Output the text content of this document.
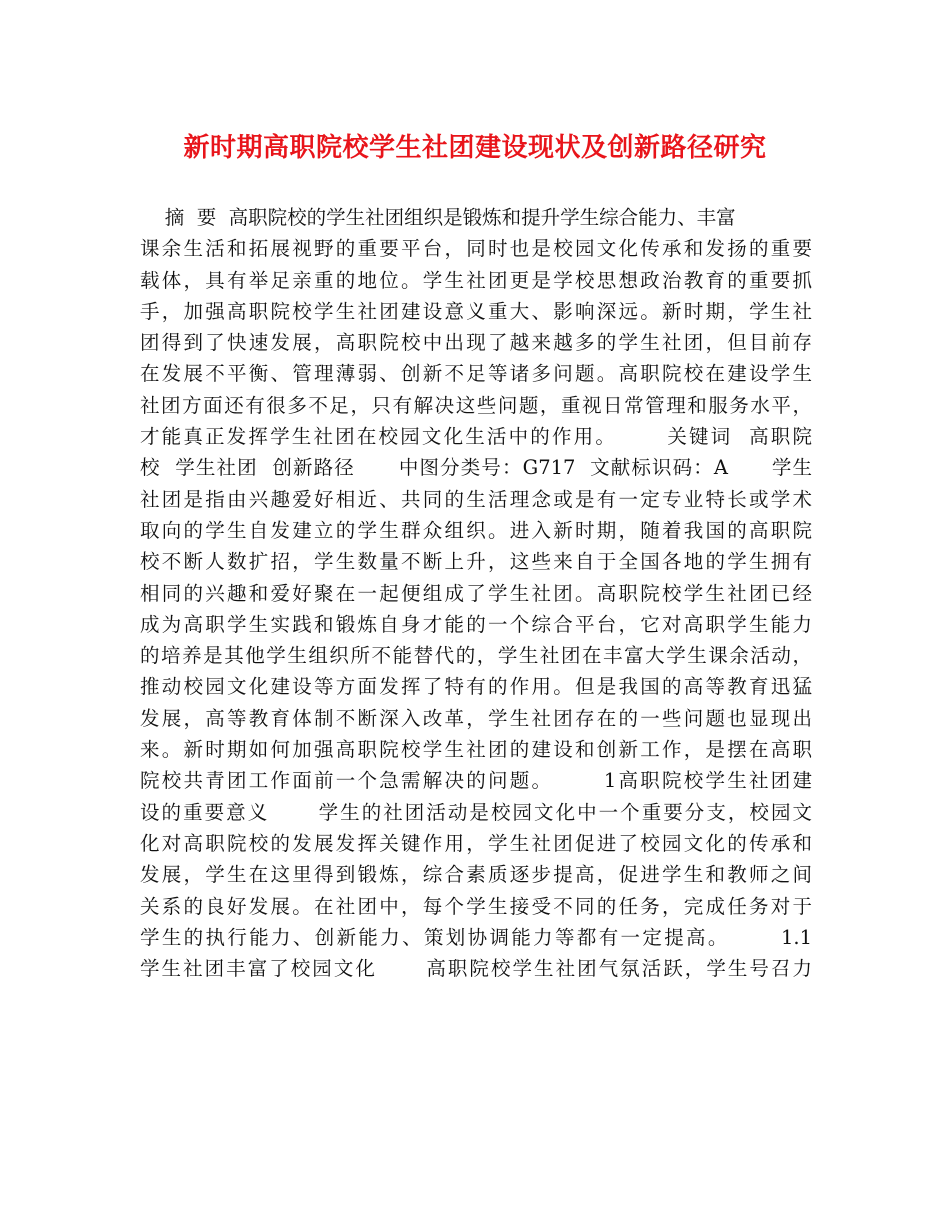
新时期高职院校学生社团建设现状及创新路径研究
摘  要  高职院校的学生社团组织是锻炼和提升学生综合能力、丰富
课余生活和拓展视野的重要平台，同时也是校园文化传承和发扬的重要
载体，具有举足亲重的地位。学生社团更是学校思想政治教育的重要抓
手，加强高职院校学生社团建设意义重大、影响深远。新时期，学生社
团得到了快速发展，高职院校中出现了越来越多的学生社团，但目前存
在发展不平衡、管理薄弱、创新不足等诸多问题。高职院校在建设学生
社团方面还有很多不足，只有解决这些问题，重视日常管理和服务水平，
才能真正发挥学生社团在校园文化生活中的作用。      关键词  高职院
校  学生社团  创新路径      中图分类号：G717  文献标识码：A      学生
社团是指由兴趣爱好相近、共同的生活理念或是有一定专业特长或学术
取向的学生自发建立的学生群众组织。进入新时期，随着我国的高职院
校不断人数扩招，学生数量不断上升，这些来自于全国各地的学生拥有
相同的兴趣和爱好聚在一起便组成了学生社团。高职院校学生社团已经
成为高职学生实践和锻炼自身才能的一个综合平台，它对高职学生能力
的培养是其他学生组织所不能替代的，学生社团在丰富大学生课余活动，
推动校园文化建设等方面发挥了特有的作用。但是我国的高等教育迅猛
发展，高等教育体制不断深入改革，学生社团存在的一些问题也显现出
来。新时期如何加强高职院校学生社团的建设和创新工作，是摆在高职
院校共青团工作面前一个急需解决的问题。      1高职院校学生社团建
设的重要意义      学生的社团活动是校园文化中一个重要分支，校园文
化对高职院校的发展发挥关键作用，学生社团促进了校园文化的传承和
发展，学生在这里得到锻炼，综合素质逐步提高，促进学生和教师之间
关系的良好发展。在社团中，每个学生接受不同的任务，完成任务对于
学生的执行能力、创新能力、策划协调能力等都有一定提高。      1.1
学生社团丰富了校园文化      高职院校学生社团气氛活跃，学生号召力
